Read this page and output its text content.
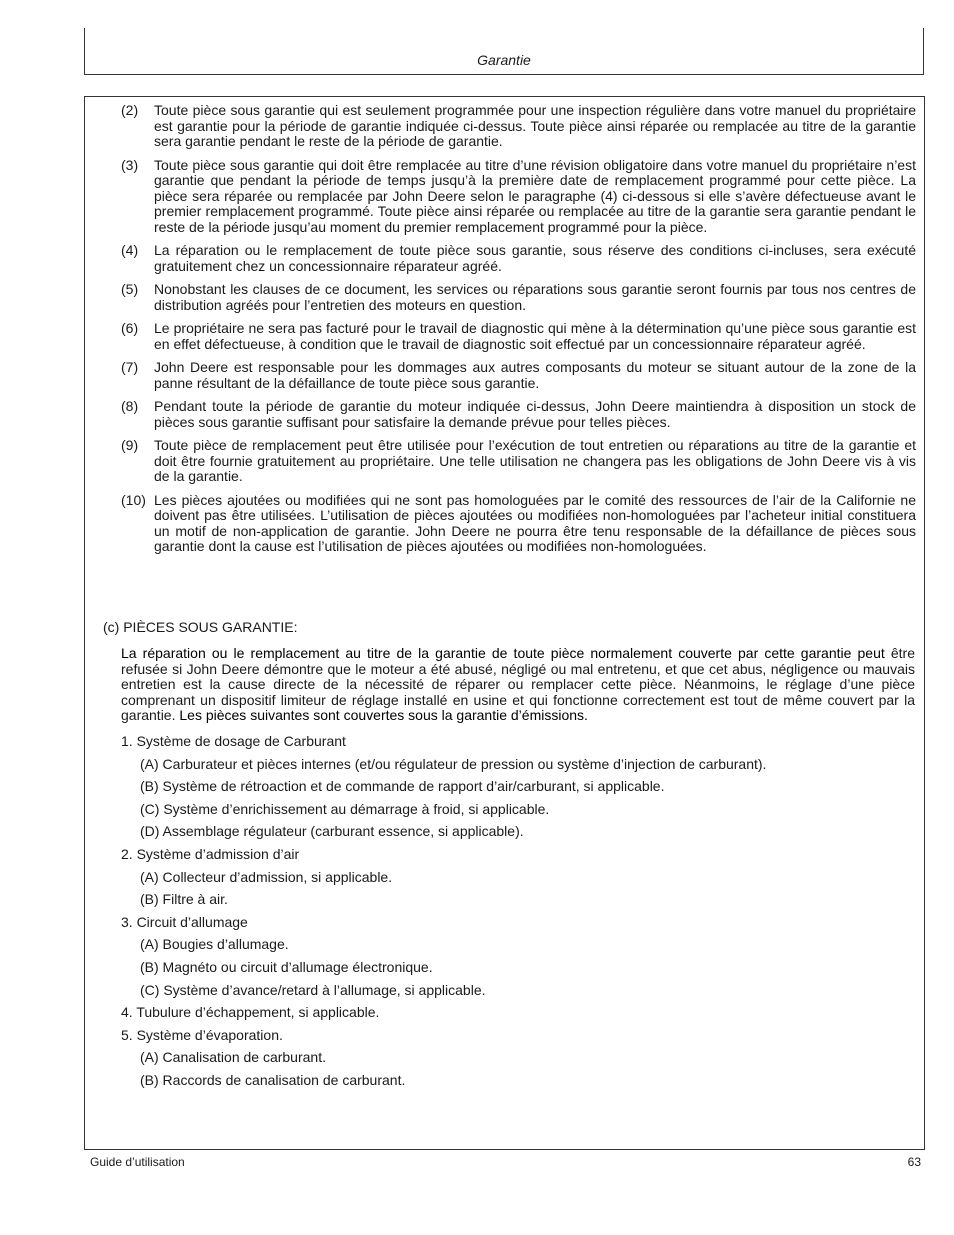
Garantie
(2) Toute pièce sous garantie qui est seulement programmée pour une inspection régulière dans votre manuel du propriétaire est garantie pour la période de garantie indiquée ci-dessus. Toute pièce ainsi réparée ou remplacée au titre de la garantie sera garantie pendant le reste de la période de garantie.
(3) Toute pièce sous garantie qui doit être remplacée au titre d’une révision obligatoire dans votre manuel du propriétaire n’est garantie que pendant la période de temps jusqu’à la première date de remplacement programmé pour cette pièce. La pièce sera réparée ou remplacée par John Deere selon le paragraphe (4) ci-dessous si elle s’avère défectueuse avant le premier remplacement programmé. Toute pièce ainsi réparée ou remplacée au titre de la garantie sera garantie pendant le reste de la période jusqu’au moment du premier remplacement programmé pour la pièce.
(4) La réparation ou le remplacement de toute pièce sous garantie, sous réserve des conditions ci-incluses, sera exécuté gratuitement chez un concessionnaire réparateur agréé.
(5) Nonobstant les clauses de ce document, les services ou réparations sous garantie seront fournis par tous nos centres de distribution agréés pour l’entretien des moteurs en question.
(6) Le propriétaire ne sera pas facturé pour le travail de diagnostic qui mène à la détermination qu’une pièce sous garantie est en effet défectueuse, à condition que le travail de diagnostic soit effectué par un concessionnaire réparateur agréé.
(7) John Deere est responsable pour les dommages aux autres composants du moteur se situant autour de la zone de la panne résultant de la défaillance de toute pièce sous garantie.
(8) Pendant toute la période de garantie du moteur indiquée ci-dessus, John Deere maintiendra à disposition un stock de pièces sous garantie suffisant pour satisfaire la demande prévue pour telles pièces.
(9) Toute pièce de remplacement peut être utilisée pour l’exécution de tout entretien ou réparations au titre de la garantie et doit être fournie gratuitement au propriétaire. Une telle utilisation ne changera pas les obligations de John Deere vis à vis de la garantie.
(10) Les pièces ajoutées ou modifiées qui ne sont pas homologuées par le comité des ressources de l’air de la Californie ne doivent pas être utilisées. L’utilisation de pièces ajoutées ou modifiées non-homologuées par l’acheteur initial constituera un motif de non-application de garantie. John Deere ne pourra être tenu responsable de la défaillance de pièces sous garantie dont la cause est l’utilisation de pièces ajoutées ou modifiées non-homologuées.
(c) PIÈCES SOUS GARANTIE:
La réparation ou le remplacement au titre de la garantie de toute pièce normalement couverte par cette garantie peut être refusée si John Deere démontre que le moteur a été abusé, négligé ou mal entretenu, et que cet abus, négligence ou mauvais entretien est la cause directe de la nécessité de réparer ou remplacer cette pièce. Néanmoins, le réglage d’une pièce comprenant un dispositif limiteur de réglage installé en usine et qui fonctionne correctement est tout de même couvert par la garantie. Les pièces suivantes sont couvertes sous la garantie d’émissions.
1. Système de dosage de Carburant
(A) Carburateur et pièces internes (et/ou régulateur de pression ou système d’injection de carburant).
(B) Système de rétroaction et de commande de rapport d’air/carburant, si applicable.
(C) Système d’enrichissement au démarrage à froid, si applicable.
(D) Assemblage régulateur (carburant essence, si applicable).
2. Système d’admission d’air
(A) Collecteur d’admission, si applicable.
(B) Filtre à air.
3. Circuit d’allumage
(A) Bougies d’allumage.
(B) Magnéto ou circuit d’allumage électronique.
(C) Système d’avance/retard à l’allumage, si applicable.
4. Tubulure d’échappement, si applicable.
5. Système d’évaporation.
(A) Canalisation de carburant.
(B) Raccords de canalisation de carburant.
Guide d’utilisation	63
